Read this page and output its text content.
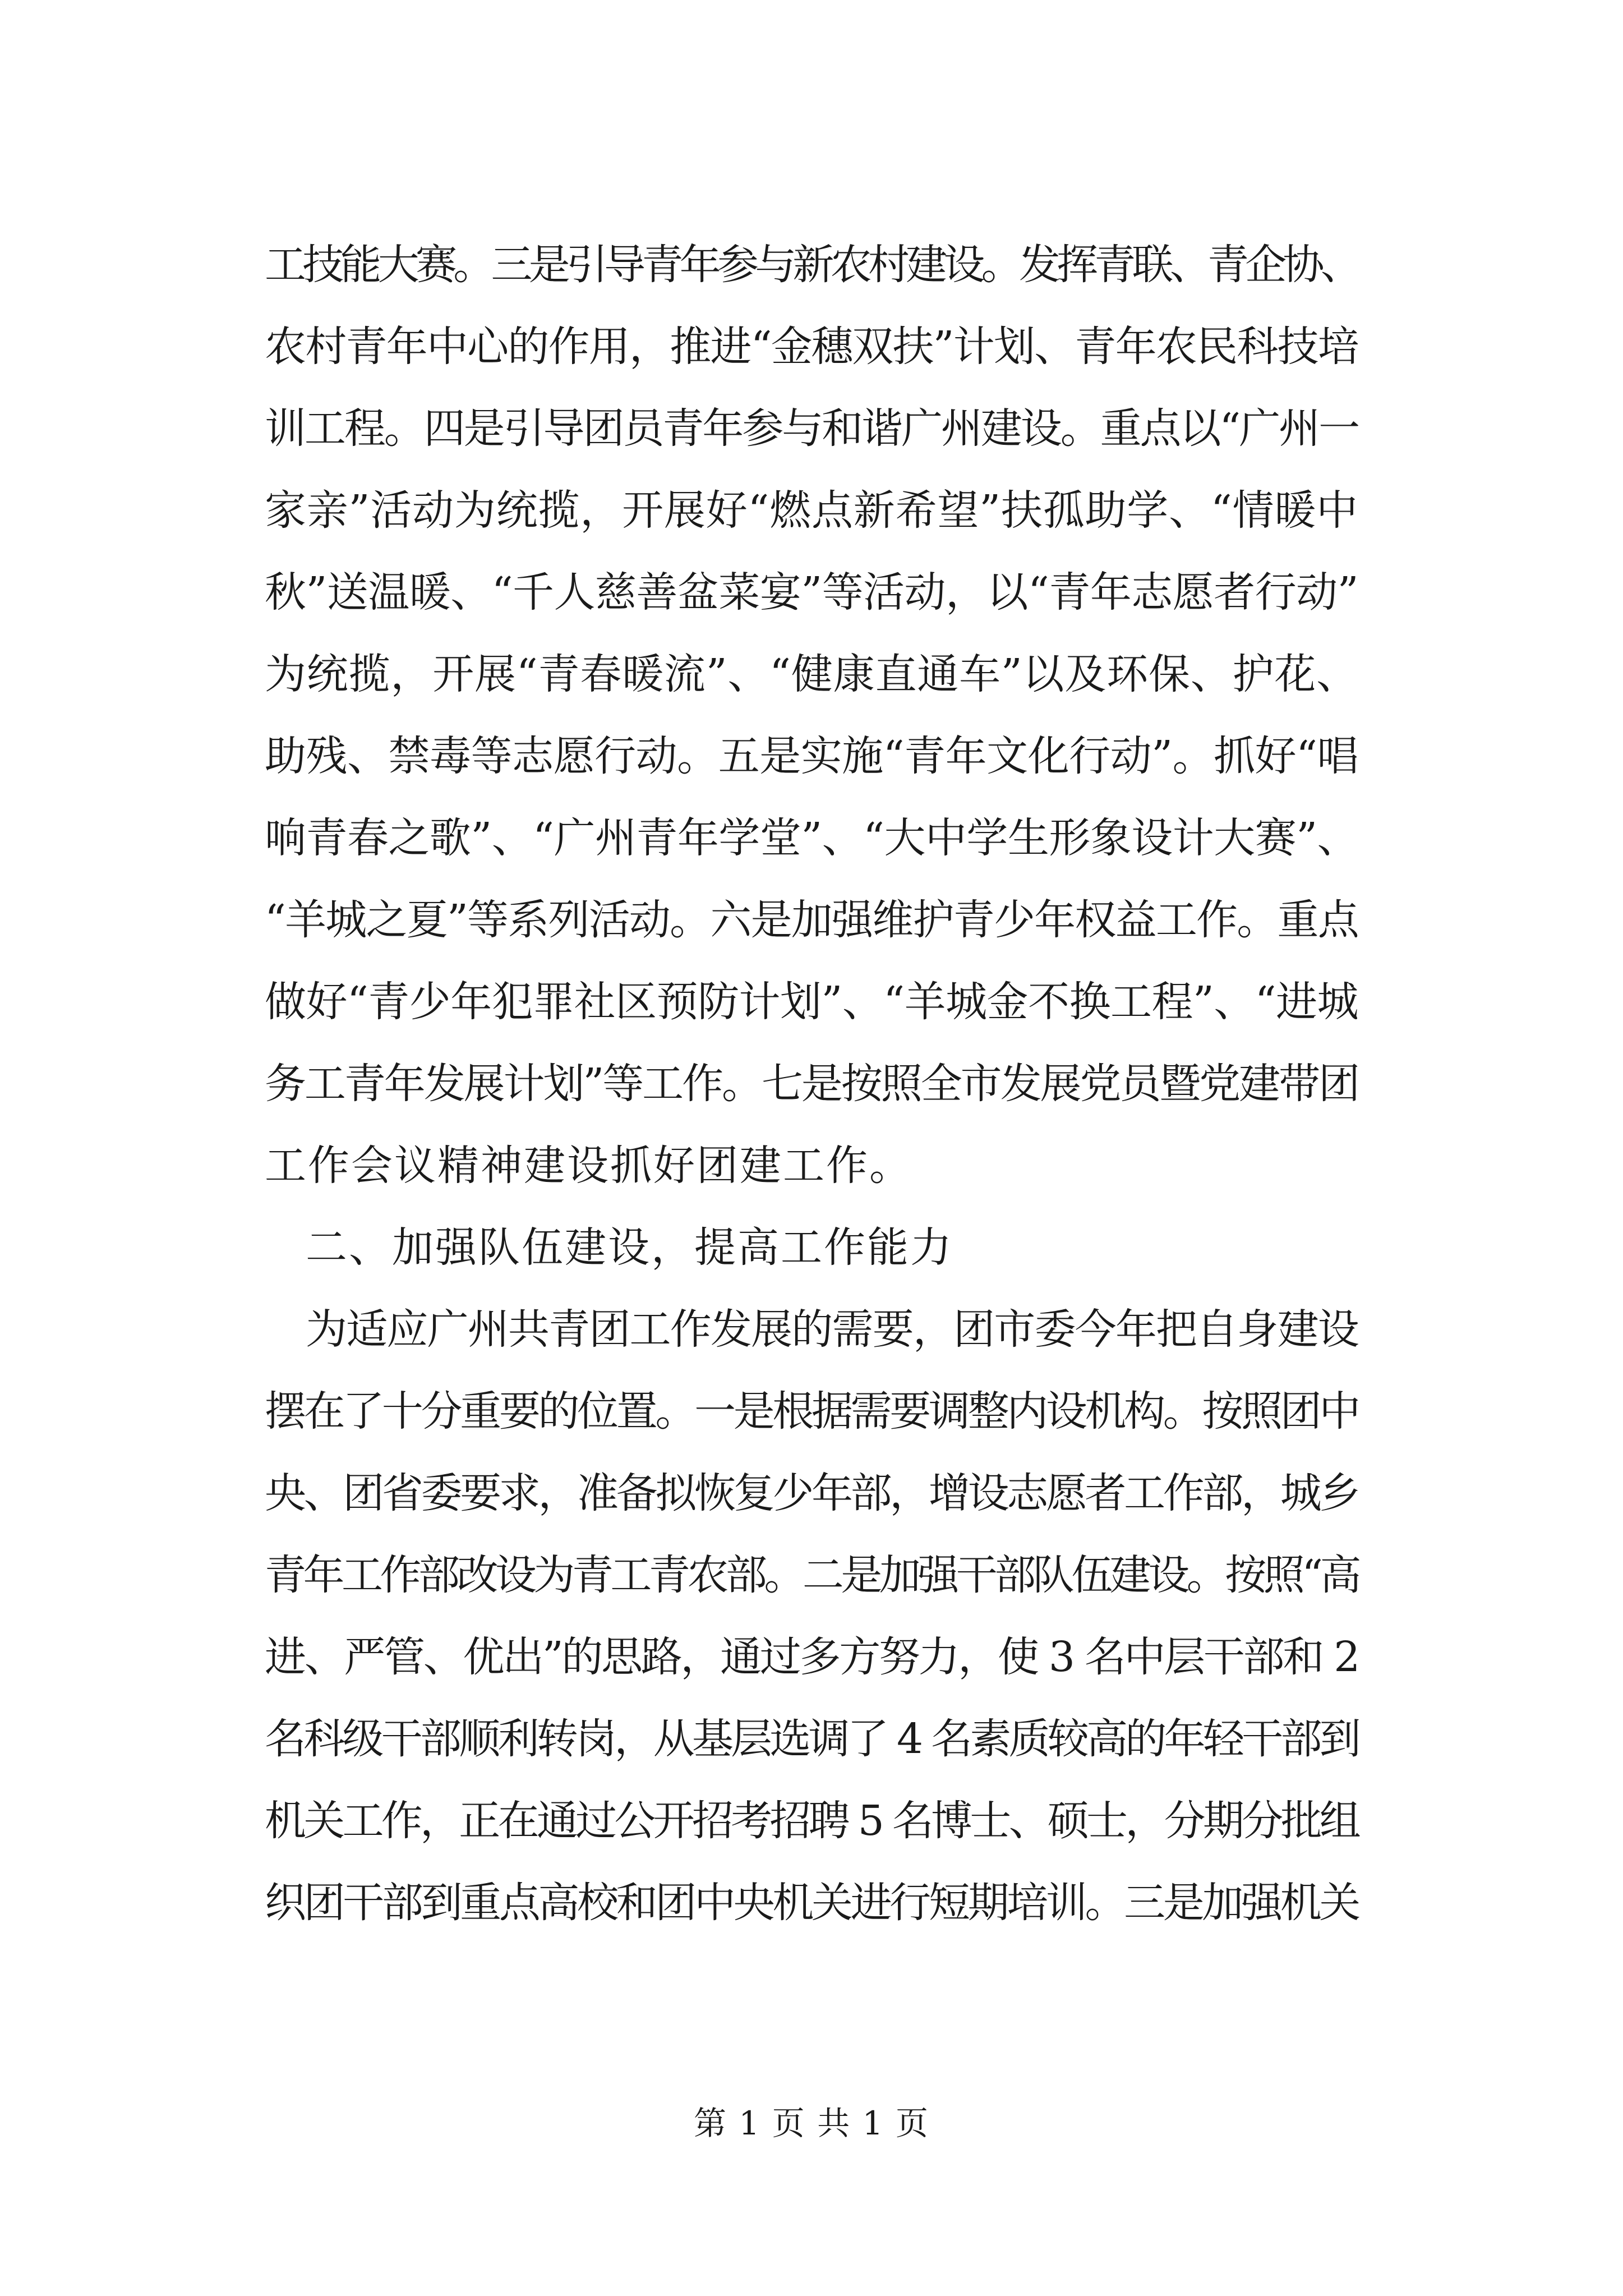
工技能大赛。三是引导青年参与新农村建设。发挥青联、青企协、
农村青年中心的作用，推进“金穗双扶”计划、青年农民科技培
训工程。四是引导团员青年参与和谐广州建设。重点以“广州一
家亲”活动为统揽，开展好“燃点新希望”扶孤助学、“情暖中
秋”送温暖、“千人慈善盆菜宴”等活动，以“青年志愿者行动”
为统揽，开展“青春暖流”、“健康直通车”以及环保、护花、
助残、禁毒等志愿行动。五是实施“青年文化行动”。抓好“唱
响青春之歌”、“广州青年学堂”、“大中学生形象设计大赛”、
“羊城之夏”等系列活动。六是加强维护青少年权益工作。重点
做好“青少年犯罪社区预防计划”、“羊城金不换工程”、“进城
务工青年发展计划”等工作。七是按照全市发展党员暨党建带团
工作会议精神建设抓好团建工作。
二、加强队伍建设，提高工作能力
为适应广州共青团工作发展的需要，团市委今年把自身建设
摆在了十分重要的位置。一是根据需要调整内设机构。按照团中
央、团省委要求，准备拟恢复少年部，增设志愿者工作部，城乡
青年工作部改设为青工青农部。二是加强干部队伍建设。按照“高
进、严管、优出”的思路，通过多方努力，使 3 名中层干部和 2
名科级干部顺利转岗，从基层选调了 4 名素质较高的年轻干部到
机关工作，正在通过公开招考招聘 5 名博士、硕士，分期分批组
织团干部到重点高校和团中央机关进行短期培训。三是加强机关
第 1 页 共 1 页
